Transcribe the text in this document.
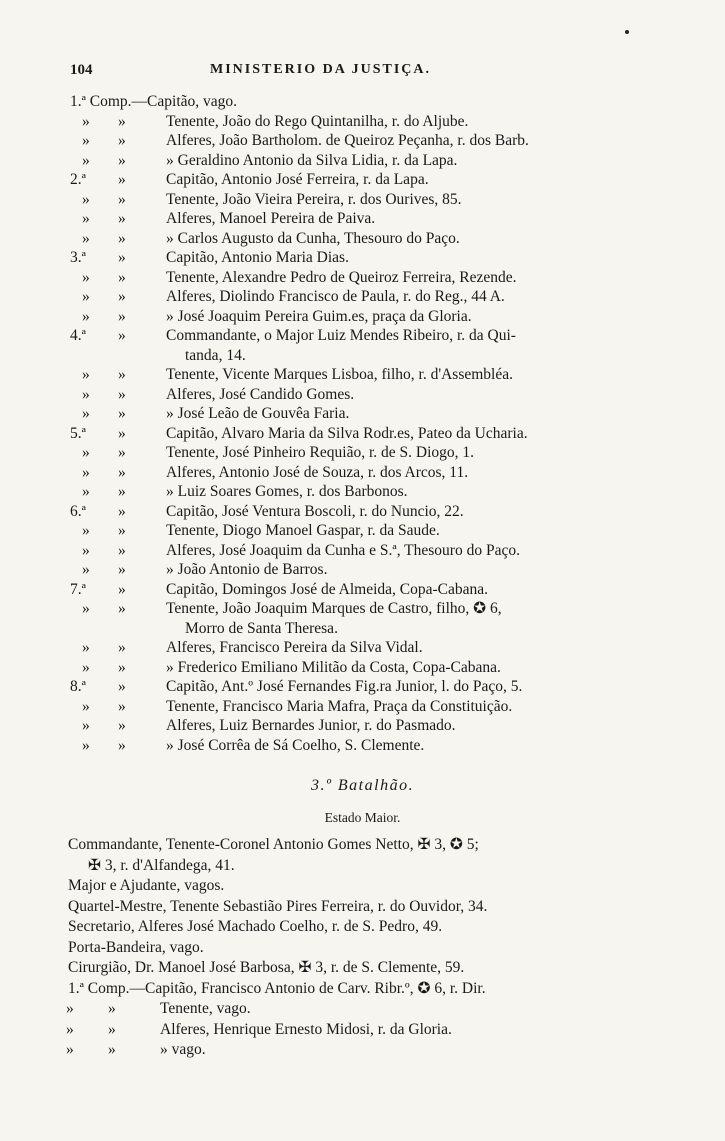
104	MINISTERIO DA JUSTIÇA.
1.ª Comp.—Capitão, vago.
»	»	Tenente, João do Rego Quintanilha, r. do Aljube.
»	»	Alferes, João Bartholom. de Queiroz Peçanha, r. dos Barb.
»	»	» Geraldino Antonio da Silva Lidia, r. da Lapa.
2.ª	»	Capitão, Antonio José Ferreira, r. da Lapa.
»	»	Tenente, João Vieira Pereira, r. dos Ourives, 85.
»	»	Alferes, Manoel Pereira de Paiva.
»	»	» Carlos Augusto da Cunha, Thesouro do Paço.
3.ª	»	Capitão, Antonio Maria Dias.
»	»	Tenente, Alexandre Pedro de Queiroz Ferreira, Rezende.
»	»	Alferes, Diolindo Francisco de Paula, r. do Reg., 44 A.
»	»	» José Joaquim Pereira Guim.es, praça da Gloria.
4.ª	»	Commandante, o Major Luiz Mendes Ribeiro, r. da Qui-
tanda, 14.
»	»	Tenente, Vicente Marques Lisboa, filho, r. d'Assembléa.
»	»	Alferes, José Candido Gomes.
»	»	» José Leão de Gouvêa Faria.
5.ª	»	Capitão, Alvaro Maria da Silva Rodr.es, Pateo da Ucharia.
»	»	Tenente, José Pinheiro Requião, r. de S. Diogo, 1.
»	»	Alferes, Antonio José de Souza, r. dos Arcos, 11.
»	»	» Luiz Soares Gomes, r. dos Barbonos.
6.ª	»	Capitão, José Ventura Boscoli, r. do Nuncio, 22.
»	»	Tenente, Diogo Manoel Gaspar, r. da Saude.
»	»	Alferes, José Joaquim da Cunha e S.ª, Thesouro do Paço.
»	»	» João Antonio de Barros.
7.ª	»	Capitão, Domingos José de Almeida, Copa-Cabana.
»	»	Tenente, João Joaquim Marques de Castro, filho, ✪ 6,
Morro de Santa Theresa.
»	»	Alferes, Francisco Pereira da Silva Vidal.
»	»	» Frederico Emiliano Militão da Costa, Copa-Cabana.
8.ª	»	Capitão, Ant.º José Fernandes Fig.ra Junior, l. do Paço, 5.
»	»	Tenente, Francisco Maria Mafra, Praça da Constituição.
»	»	Alferes, Luiz Bernardes Junior, r. do Pasmado.
»	»	» José Corrêa de Sá Coelho, S. Clemente.
3.º Batalhão.
Estado Maior.
Commandante, Tenente-Coronel Antonio Gomes Netto, ✠ 3, ✪ 5;
✠ 3, r. d'Alfandega, 41.
Major e Ajudante, vagos.
Quartel-Mestre, Tenente Sebastião Pires Ferreira, r. do Ouvidor, 34.
Secretario, Alferes José Machado Coelho, r. de S. Pedro, 49.
Porta-Bandeira, vago.
Cirurgião, Dr. Manoel José Barbosa, ✠ 3, r. de S. Clemente, 59.
1.ª Comp.—Capitão, Francisco Antonio de Carv. Ribr.º, ✪ 6, r. Dir.
» »	Tenente, vago.
» »	Alferes, Henrique Ernesto Midosi, r. da Gloria.
» »	» vago.
